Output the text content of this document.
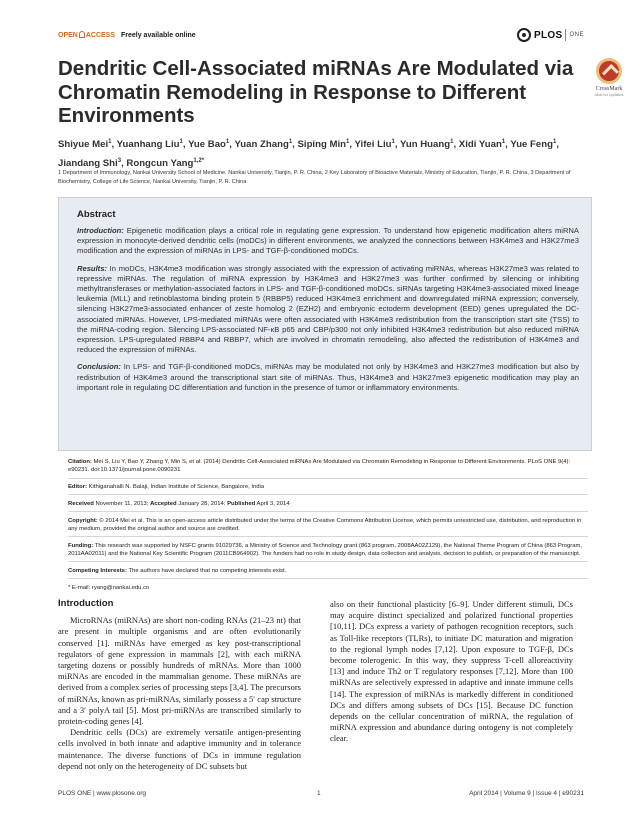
OPEN ACCESS Freely available online	PLOS ONE
CrossMark
click for updates
Dendritic Cell-Associated miRNAs Are Modulated via Chromatin Remodeling in Response to Different Environments
Shiyue Mei$^1$, Yuanhang Liu$^1$, Yue Bao$^1$, Yuan Zhang$^1$, Siping Min$^1$, Yifei Liu$^1$, Yun Huang$^1$, Xidi Yuan$^1$, Yue Feng$^1$, Jiandang Shi$^3$, Rongcun Yang$^{1,2*}$
1 Department of Immunology, Nankai University School of Medicine, Nankai University, Tianjin, P. R. China, 2 Key Laboratory of Bioactive Materials, Ministry of Education, Tianjin, P. R. China, 3 Department of Biochemistry, College of Life Science, Nankai University, Tianjin, P. R. China
Abstract

Introduction: Epigenetic modification plays a critical role in regulating gene expression. To understand how epigenetic modification alters miRNA expression in monocyte-derived dendritic cells (moDCs) in different environments, we analyzed the connections between H3K4me3 and H3K27me3 modification and the expression of miRNAs in LPS- and TGF-β-conditioned moDCs.

Results: In moDCs, H3K4me3 modification was strongly associated with the expression of activating miRNAs, whereas H3K27me3 was related to repressive miRNAs. The regulation of miRNA expression by H3K4me3 and H3K27me3 was further confirmed by silencing or inhibiting methyltransferases or methylation-associated factors in LPS- and TGF-β-conditioned moDCs. siRNAs targeting H3K4me3-associated mixed lineage leukemia (MLL) and retinoblastoma binding protein 5 (RBBP5) reduced H3K4me3 enrichment and downregulated miRNA expression; conversely, silencing H3K27me3-associated enhancer of zeste homolog 2 (EZH2) and embryonic ectoderm development (EED) genes upregulated the DC-associated miRNAs. However, LPS-mediated miRNAs were often associated with H3K4me3 redistribution from the transcription start site (TSS) to the miRNA-coding region. Silencing LPS-associated NF-κB p65 and CBP/p300 not only inhibited H3K4me3 redistribution but also reduced miRNA expression. LPS-upregulated RBBP4 and RBBP7, which are involved in chromatin remodeling, also affected the redistribution of H3K4me3 and reduced the expression of miRNAs.

Conclusion: In LPS- and TGF-β-conditioned moDCs, miRNAs may be modulated not only by H3K4me3 and H3K27me3 modification but also by redistribution of H3K4me3 around the transcriptional start site of miRNAs. Thus, H3K4me3 and H3K27me3 epigenetic modification may play an important role in regulating DC differentiation and function in the presence of tumor or inflammatory environments.

Citation: Mei S, Liu Y, Bao Y, Zhang Y, Min S, et al. (2014) Dendritic Cell-Associated miRNAs Are Modulated via Chromatin Remodeling in Response to Different Environments. PLoS ONE 9(4): e90231. doi:10.1371/journal.pone.0090231
Editor: Kithiganahalli N. Balaji, Indian Institute of Science, Bangalore, India
Received November 11, 2013; Accepted January 28, 2014; Published April 3, 2014
Copyright: © 2014 Mei et al. This is an open-access article distributed under the terms of the Creative Commons Attribution License, which permits unrestricted use, distribution, and reproduction in any medium, provided the original author and source are credited.
Funding: This research was supported by NSFC grants 91029736, a Ministry of Science and Technology grant (863 program, 2008AA02Z129), the National Theme Program of China (863 Program, 2011AA02011) and the National Key Scientific Program (2011CB964902). The funders had no role in study design, data collection and analysis, decision to publish, or preparation of the manuscript.
Competing Interests: The authors have declared that no competing interests exist.
* E-mail: ryang@nankai.edu.cn
Introduction

MicroRNAs (miRNAs) are short non-coding RNAs (21–23 nt) that are present in multiple organisms and are often evolutionarily conserved [1]. miRNAs have emerged as key post-transcriptional regulators of gene expression in mammals [2], with each miRNA targeting dozens or possibly hundreds of mRNAs. More than 1000 miRNAs are encoded in the mammalian genome. These miRNAs are derived from a complex series of processing steps [3,4]. The precursors of miRNAs, known as pri-miRNAs, similarly possess a 5′ cap structure and a 3′ polyA tail [5]. Most pri-miRNAs are transcribed similarly to protein-coding genes [4].

Dendritic cells (DCs) are extremely versatile antigen-presenting cells involved in both innate and adaptive immunity and in tolerance maintenance. The diverse functions of DCs in immune regulation depend not only on the heterogeneity of DC subsets but

also on their functional plasticity [6–9]. Under different stimuli, DCs may acquire distinct specialized and polarized functional properties [10,11]. DCs express a variety of pathogen recognition receptors, such as Toll-like receptors (TLRs), to initiate DC maturation and migration to the regional lymph nodes [7,12]. Upon exposure to TGF-β, DCs become tolerogenic. In this way, they suppress T-cell alloreactivity [13] and induce Th2 or T regulatory responses [7,12]. More than 100 miRNAs are selectively expressed in adaptive and innate immune cells [14]. The expression of miRNAs is markedly different in conditioned DCs and differs among subsets of DCs [15]. Because DC function depends on the cellular concentration of miRNA, the regulation of miRNA expression and abundance during ontogeny is not completely clear.

PLOS ONE | www.plosone.org	1	April 2014 | Volume 9 | Issue 4 | e90231
